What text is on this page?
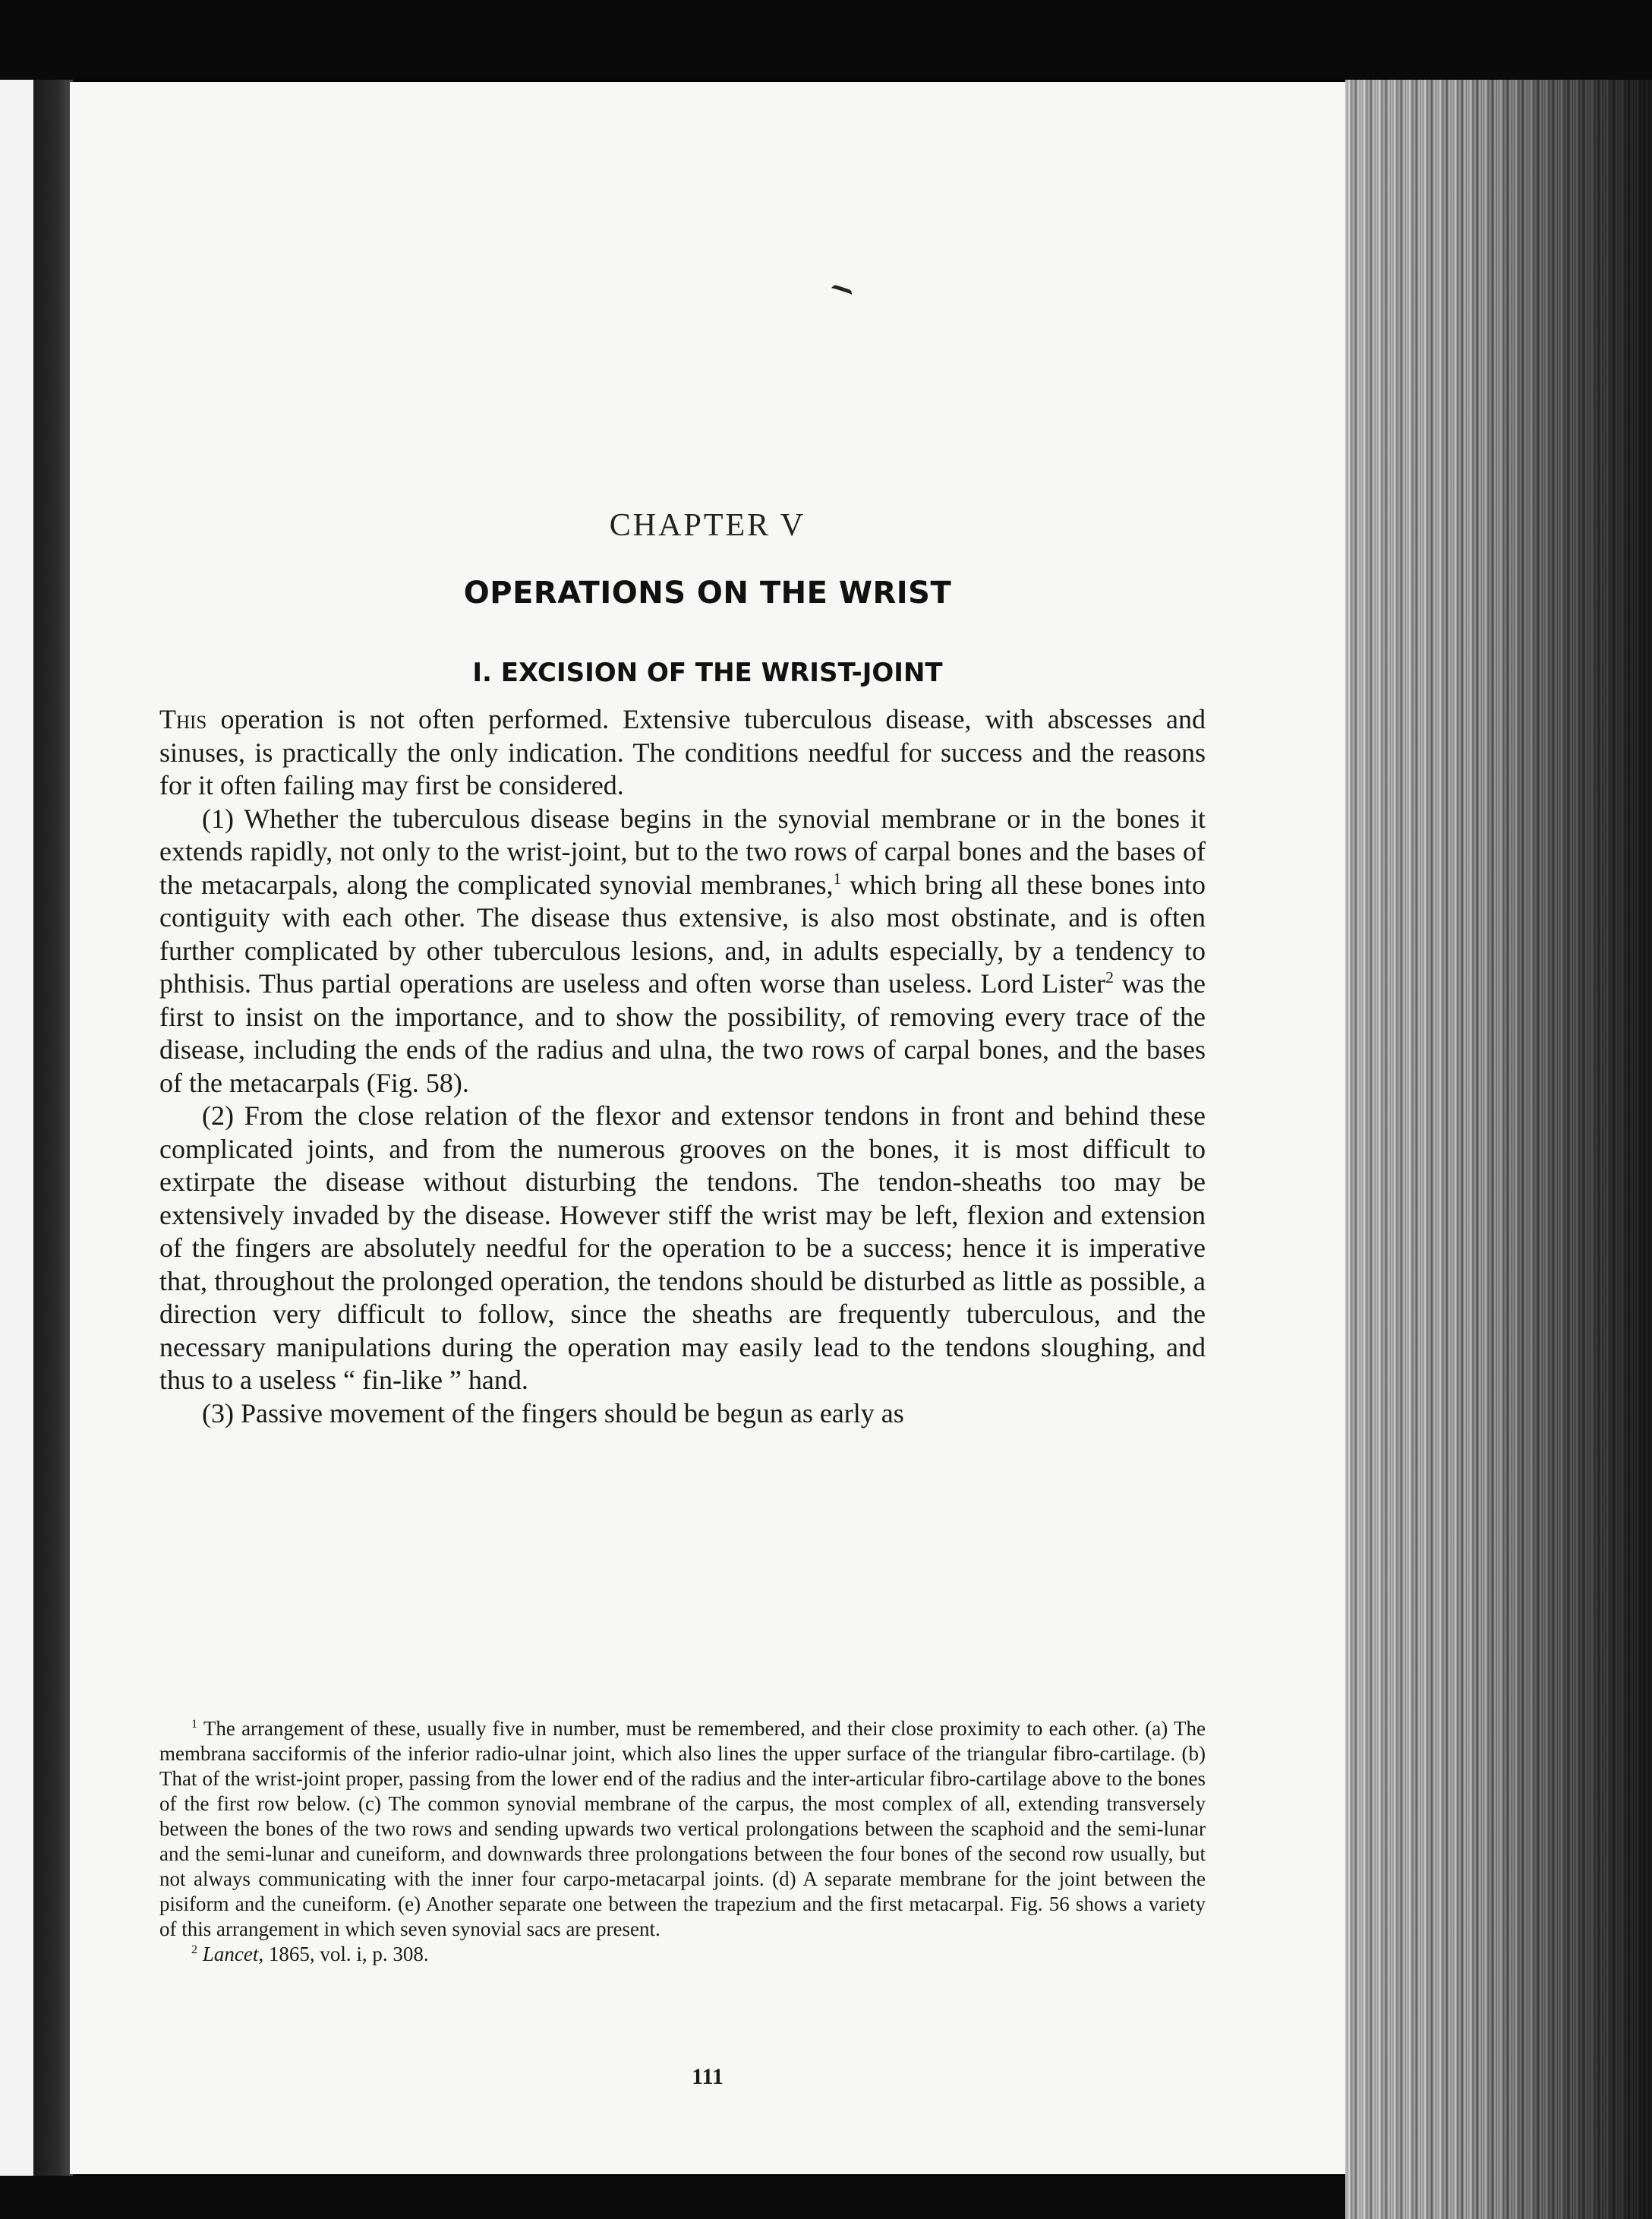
CHAPTER V
OPERATIONS ON THE WRIST
I. EXCISION OF THE WRIST-JOINT

This operation is not often performed. Extensive tuberculous disease, with abscesses and sinuses, is practically the only indication. The conditions needful for success and the reasons for it often failing may first be considered.

(1) Whether the tuberculous disease begins in the synovial membrane or in the bones it extends rapidly, not only to the wrist-joint, but to the two rows of carpal bones and the bases of the metacarpals, along the complicated synovial membranes,$^1$ which bring all these bones into contiguity with each other. The disease thus extensive, is also most obstinate, and is often further complicated by other tuberculous lesions, and, in adults especially, by a tendency to phthisis. Thus partial operations are useless and often worse than useless. Lord Lister$^2$ was the first to insist on the importance, and to show the possibility, of removing every trace of the disease, including the ends of the radius and ulna, the two rows of carpal bones, and the bases of the metacarpals (Fig. 58).

(2) From the close relation of the flexor and extensor tendons in front and behind these complicated joints, and from the numerous grooves on the bones, it is most difficult to extirpate the disease without disturbing the tendons. The tendon-sheaths too may be extensively invaded by the disease. However stiff the wrist may be left, flexion and extension of the fingers are absolutely needful for the operation to be a success; hence it is imperative that, throughout the prolonged operation, the tendons should be disturbed as little as possible, a direction very difficult to follow, since the sheaths are frequently tuberculous, and the necessary manipulations during the operation may easily lead to the tendons sloughing, and thus to a useless “ fin-like ” hand.

(3) Passive movement of the fingers should be begun as early as

$^1$ The arrangement of these, usually five in number, must be remembered, and their close proximity to each other. (a) The membrana sacciformis of the inferior radio-ulnar joint, which also lines the upper surface of the triangular fibro-cartilage. (b) That of the wrist-joint proper, passing from the lower end of the radius and the inter-articular fibro-cartilage above to the bones of the first row below. (c) The common synovial membrane of the carpus, the most complex of all, extending transversely between the bones of the two rows and sending upwards two vertical prolongations between the scaphoid and the semi-lunar and the semi-lunar and cuneiform, and downwards three prolongations between the four bones of the second row usually, but not always communicating with the inner four carpo-metacarpal joints. (d) A separate membrane for the joint between the pisiform and the cuneiform. (e) Another separate one between the trapezium and the first metacarpal. Fig. 56 shows a variety of this arrangement in which seven synovial sacs are present.

$^2$ Lancet, 1865, vol. i, p. 308.

111
